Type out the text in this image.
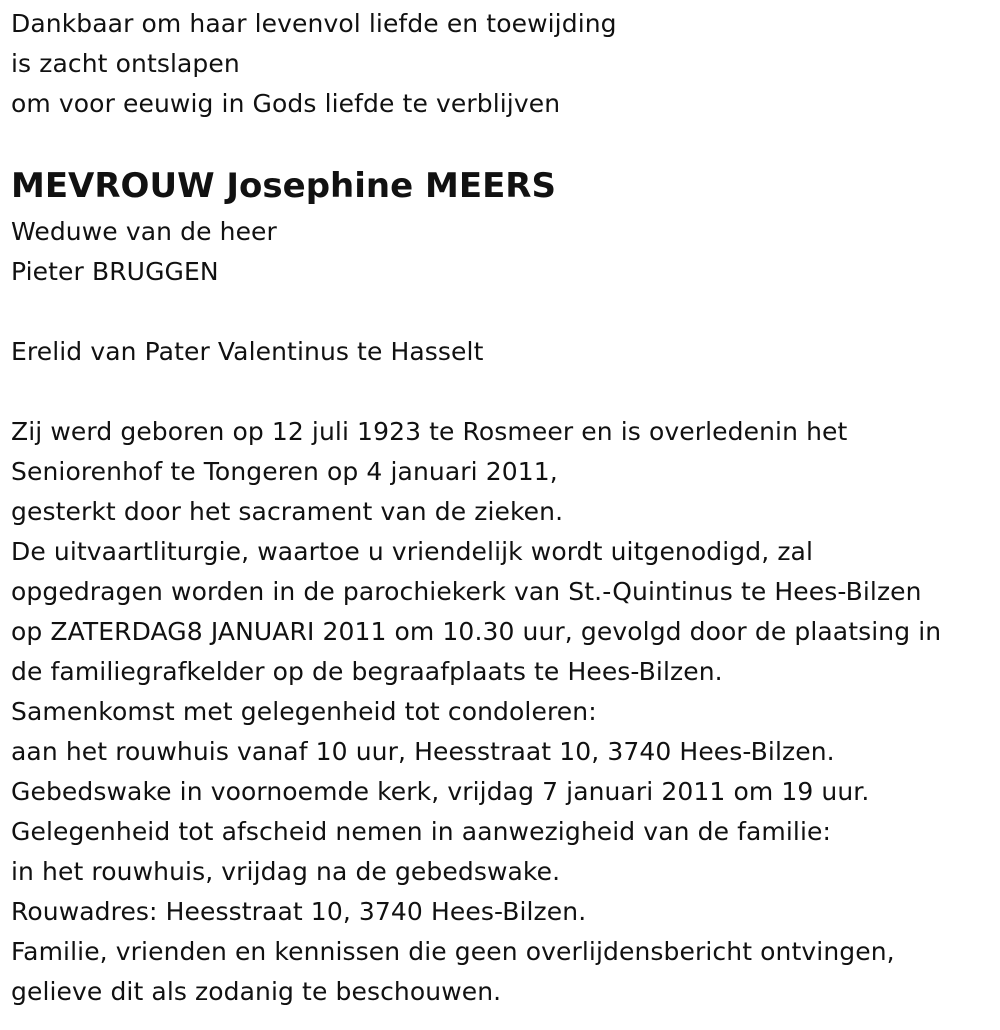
Dankbaar om haar levenvol liefde en toewijding
is zacht ontslapen
om voor eeuwig in Gods liefde te verblijven
MEVROUW Josephine MEERS
Weduwe van de heer
Pieter BRUGGEN
Erelid van Pater Valentinus te Hasselt
Zij werd geboren op 12 juli 1923 te Rosmeer en is overledenin het
Seniorenhof te Tongeren op 4 januari 2011,
gesterkt door het sacrament van de zieken.
De uitvaartliturgie, waartoe u vriendelijk wordt uitgenodigd, zal
opgedragen worden in de parochiekerk van St.-Quintinus te Hees-Bilzen
op ZATERDAG8 JANUARI 2011 om 10.30 uur, gevolgd door de plaatsing in
de familiegrafkelder op de begraafplaats te Hees-Bilzen.
Samenkomst met gelegenheid tot condoleren:
aan het rouwhuis vanaf 10 uur, Heesstraat 10, 3740 Hees-Bilzen.
Gebedswake in voornoemde kerk, vrijdag 7 januari 2011 om 19 uur.
Gelegenheid tot afscheid nemen in aanwezigheid van de familie:
in het rouwhuis, vrijdag na de gebedswake.
Rouwadres: Heesstraat 10, 3740 Hees-Bilzen.
Familie, vrienden en kennissen die geen overlijdensbericht ontvingen,
gelieve dit als zodanig te beschouwen.
